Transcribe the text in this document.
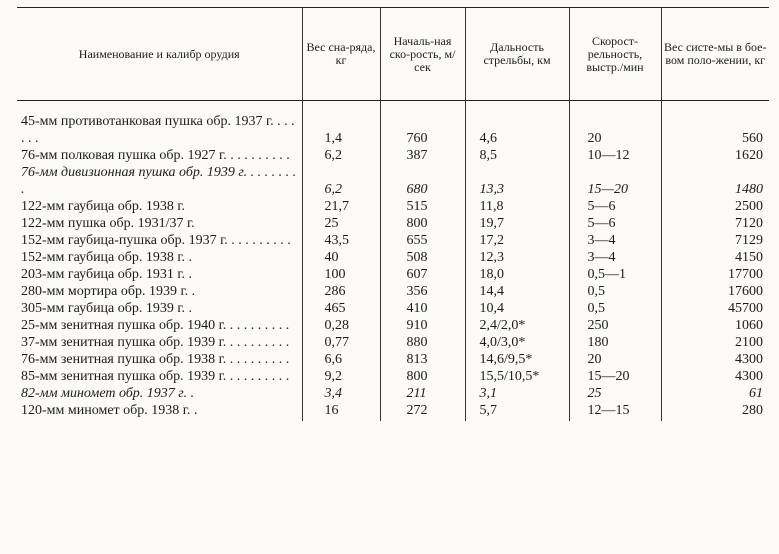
Наименование и калибр орудия	Вес сна-ряда, кг	Началь-ная ско-рость, м/сек	Дальность стрельбы, км	Скорост-рельность, выстр./мин	Вес систе-мы в бое-вом поло-жении, кг

45-мм противотанковая пушка обр. 1937 г. . . . . . .	1,4	760	4,6	20	560
76-мм полковая пушка обр. 1927 г. . . . . . . . . .	6,2	387	8,5	10—12	1620
76-мм дивизионная пушка обр. 1939 г. . . . . . . . .	6,2	680	13,3	15—20	1480
122-мм гаубица обр. 1938 г.	21,7	515	11,8	5—6	2500
122-мм пушка обр. 1931/37 г.	25	800	19,7	5—6	7120
152-мм гаубица-пушка обр. 1937 г. . . . . . . . . .	43,5	655	17,2	3—4	7129
152-мм гаубица обр. 1938 г. .	40	508	12,3	3—4	4150
203-мм гаубица обр. 1931 г. .	100	607	18,0	0,5—1	17700
280-мм мортира обр. 1939 г. .	286	356	14,4	0,5	17600
305-мм гаубица обр. 1939 г. .	465	410	10,4	0,5	45700
25-мм зенитная пушка обр. 1940 г. . . . . . . . . .	0,28	910	2,4/2,0*	250	1060
37-мм зенитная пушка обр. 1939 г. . . . . . . . . .	0,77	880	4,0/3,0*	180	2100
76-мм зенитная пушка обр. 1938 г. . . . . . . . . .	6,6	813	14,6/9,5*	20	4300
85-мм зенитная пушка обр. 1939 г. . . . . . . . . .	9,2	800	15,5/10,5*	15—20	4300
82-мм миномет обр. 1937 г. .	3,4	211	3,1	25	61
120-мм миномет обр. 1938 г. .	16	272	5,7	12—15	280
